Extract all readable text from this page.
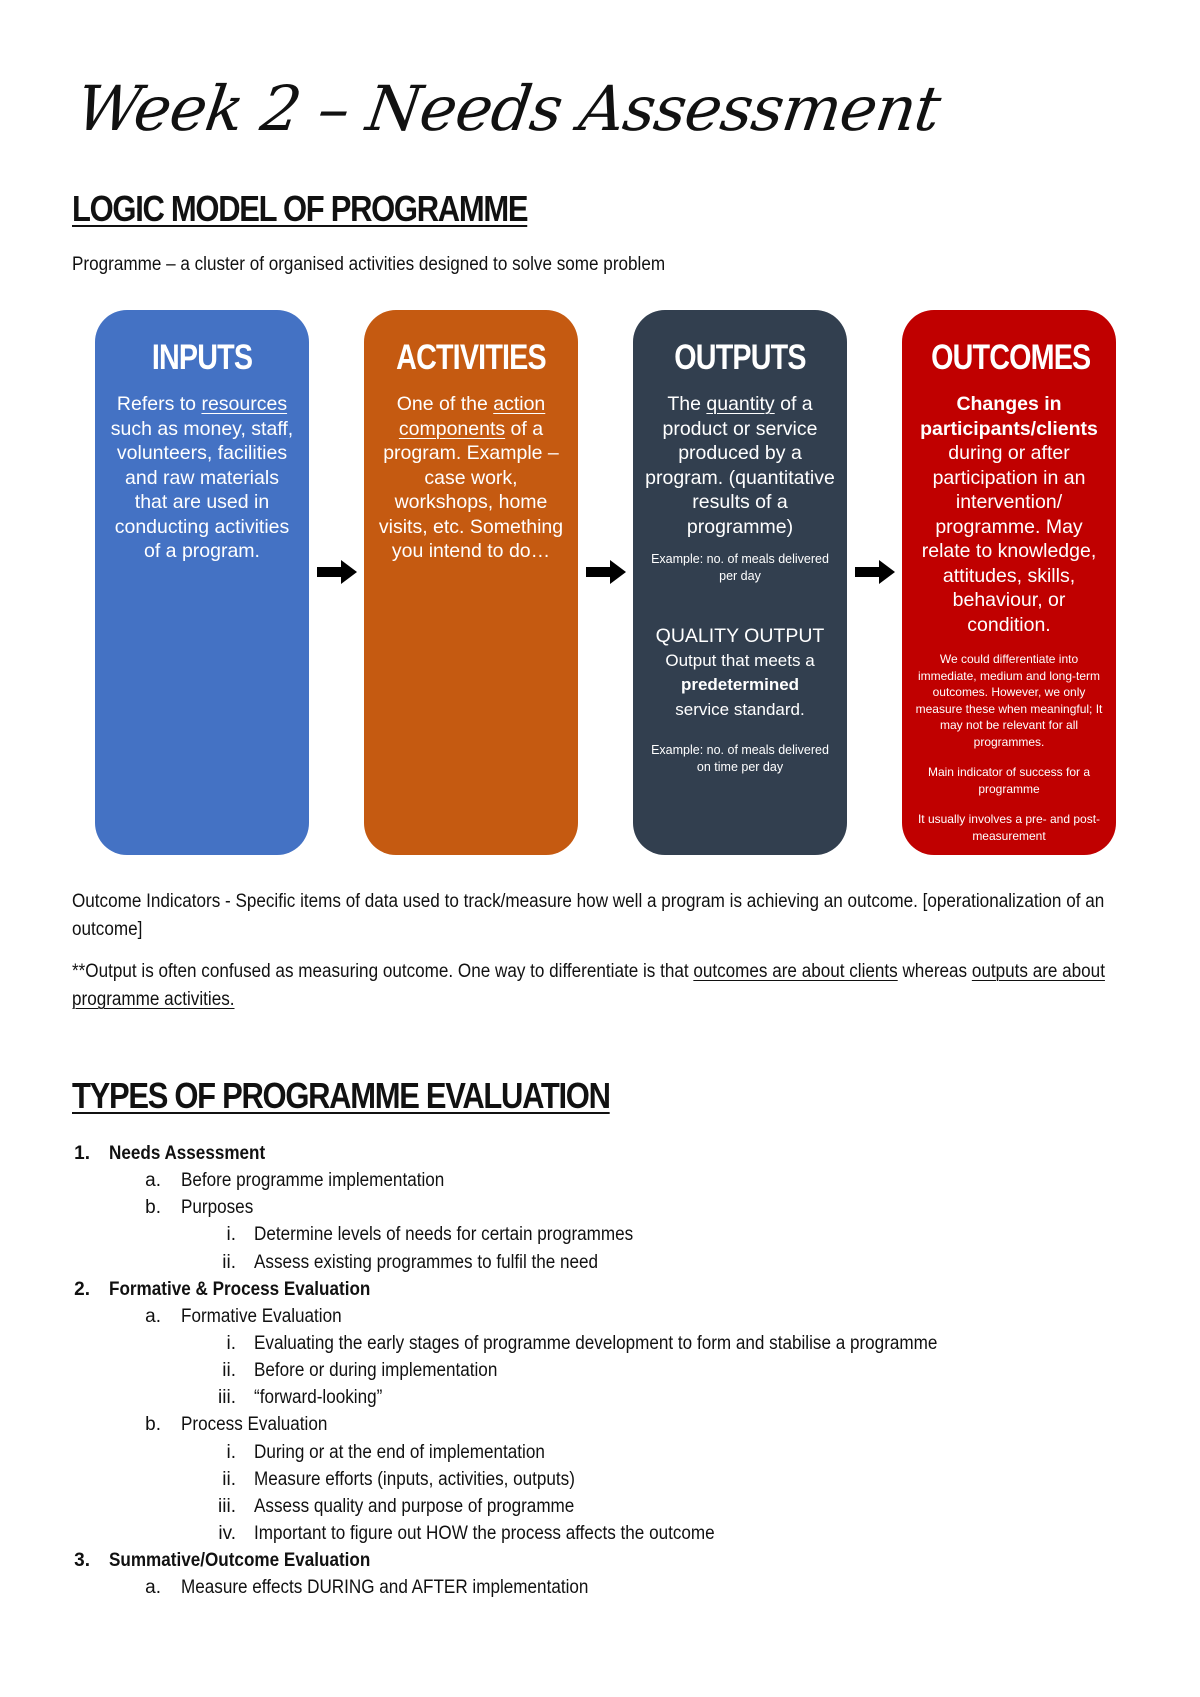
Week 2 – Needs Assessment
LOGIC MODEL OF PROGRAMME

Programme – a cluster of organised activities designed to solve some problem

INPUTS

Refers to resources such as money, staff, volunteers, facilities and raw materials that are used in conducting activities of a program.

ACTIVITIES

One of the action components of a program. Example – case work, workshops, home visits, etc. Something you intend to do…

OUTPUTS

The quantity of a product or service produced by a program. (quantitative results of a programme)

Example: no. of meals delivered per day

QUALITY OUTPUT

Output that meets a
predetermined
service standard.

Example: no. of meals delivered on time per day

OUTCOMES

Changes in participants/clients
during or after participation in an intervention/ programme. May relate to knowledge, attitudes, skills, behaviour, or condition.

We could differentiate into immediate, medium and long-term outcomes. However, we only measure these when meaningful; It may not be relevant for all programmes.

Main indicator of success for a programme

It usually involves a pre- and post- measurement

Outcome Indicators - Specific items of data used to track/measure how well a program is achieving an outcome. [operationalization of an outcome]

**Output is often confused as measuring outcome. One way to differentiate is that outcomes are about clients whereas outputs are about programme activities.

TYPES OF PROGRAMME EVALUATION
1. Needs Assessment
a. Before programme implementation
b. Purposes
i. Determine levels of needs for certain programmes
ii. Assess existing programmes to fulfil the need
2. Formative & Process Evaluation
a. Formative Evaluation
i. Evaluating the early stages of programme development to form and stabilise a programme
ii. Before or during implementation
iii. “forward-looking”
b. Process Evaluation
i. During or at the end of implementation
ii. Measure efforts (inputs, activities, outputs)
iii. Assess quality and purpose of programme
iv. Important to figure out HOW the process affects the outcome
3. Summative/Outcome Evaluation
a. Measure effects DURING and AFTER implementation
